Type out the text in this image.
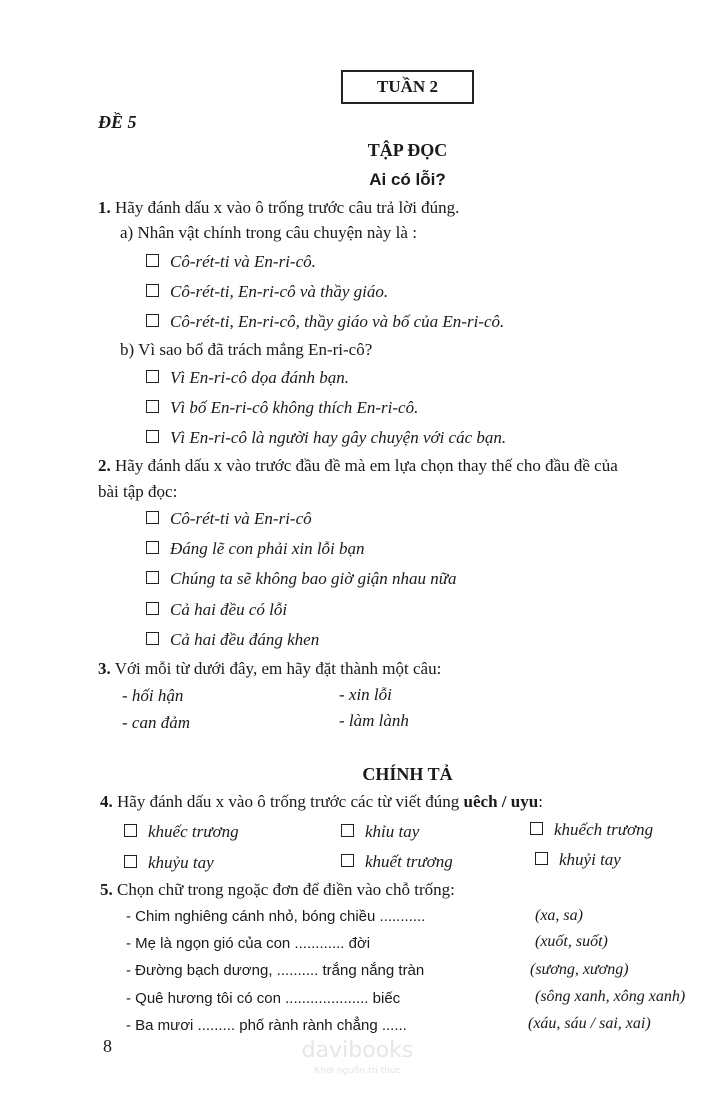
TUẦN 2
ĐỀ 5
TẬP ĐỌC
Ai có lỗi?
1. Hãy đánh dấu x vào ô trống trước câu trả lời đúng.
a) Nhân vật chính trong câu chuyện này là :
Cô-rét-ti và En-ri-cô.
Cô-rét-ti, En-ri-cô và thầy giáo.
Cô-rét-ti, En-ri-cô, thầy giáo và bố của En-ri-cô.
b) Vì sao bố đã trách mắng En-ri-cô?
Vì En-ri-cô dọa đánh bạn.
Vì bố En-ri-cô không thích En-ri-cô.
Vì En-ri-cô là người hay gây chuyện với các bạn.
2. Hãy đánh dấu x vào trước đầu đề mà em lựa chọn thay thế cho đầu đề của
bài tập đọc:
Cô-rét-ti và En-ri-cô
Đáng lẽ con phải xin lỗi bạn
Chúng ta sẽ không bao giờ giận nhau nữa
Cả hai đều có lỗi
Cả hai đều đáng khen
3. Với mỗi từ dưới đây, em hãy đặt thành một câu:
- hối hận	- xin lỗi
- can đảm	- làm lành
CHÍNH TẢ
4. Hãy đánh dấu x vào ô trống trước các từ viết đúng uêch / uyu:
khuếc trương	khỉu tay	khuếch trương
khuỷu tay	khuết trương	khuỷi tay
5. Chọn chữ trong ngoặc đơn để điền vào chỗ trống:
- Chim nghiêng cánh nhỏ, bóng chiều ...........	(xa, sa)
- Mẹ là ngọn gió của con ............ đời	(xuốt, suốt)
- Đường bạch dương, .......... trắng nắng tràn	(sương, xương)
- Quê hương tôi có con .................... biếc	(sông xanh, xông xanh)
- Ba mươi ......... phố rành rành chẳng ......	(xáu, sáu / sai, xai)
8	davibooks
Khơi nguồn tri thức
